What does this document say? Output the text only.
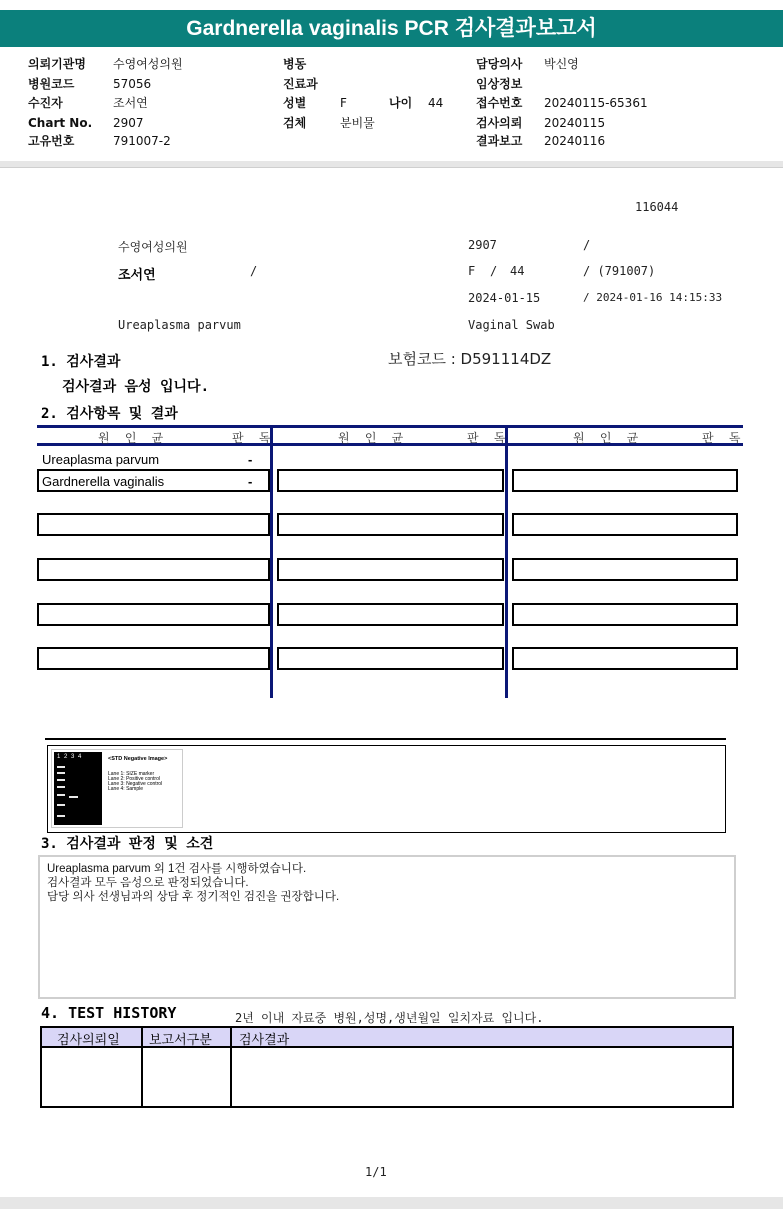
Gardnerella vaginalis PCR 검사결과보고서
의뢰기관명 수영여성의원	병동	담당의사 박신영
병원코드	57056	진료과	임상정보
수진자	조서연	성별	F	나이 44	접수번호 20240115-65361
Chart No. 2907	검체	분비물	검사의뢰 20240115
고유번호	791007-2	결과보고 20240116
116044
수영여성의원	2907	/
조서연	/	F / 44	/ (791007)
2024-01-15	/ 2024-01-16 14:15:33
Ureaplasma parvum	Vaginal Swab
1. 검사결과	보험코드 : D591114DZ
검사결과 음성 입니다.
2. 검사항목 및 결과
원 인 균	판 독	원 인 균	판 독	원 인 균	판 독
Ureaplasma parvum	-
Gardnerella vaginalis	-
1 2 3 4	<STD Negative Image>
Lane 1: SIZE marker
Lane 2: Positive control
Lane 3: Negative control
Lane 4: Sample
3. 검사결과 판정 및 소견
Ureaplasma parvum 외 1건 검사를 시행하였습니다.
검사결과 모두 음성으로 판정되었습니다.
담당 의사 선생님과의 상담 후 정기적인 검진을 권장합니다.
4. TEST HISTORY	2년 이내 자료중 병원,성명,생년월일 일치자료 입니다.
검사의뢰일 보고서구분 검사결과
1/1
